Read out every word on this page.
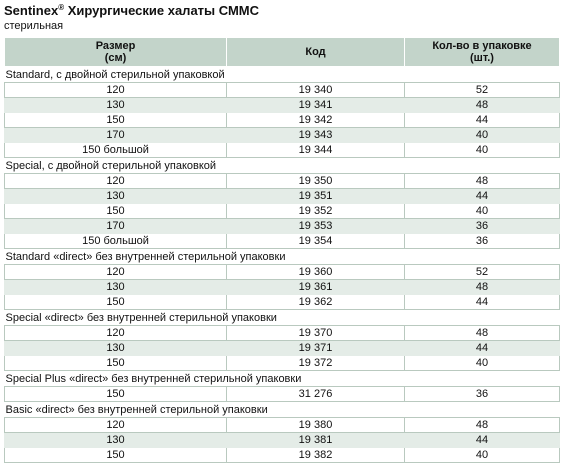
Sentinex® Хирургические халаты СММС
стерильная
Размер
(см)	Код	Кол-во в упаковке
(шт.)
Standard, с двойной стерильной упаковкой		
120	19 340	52
130	19 341	48
150	19 342	44
170	19 343	40
150 большой	19 344	40
Special, с двойной стерильной упаковкой		
120	19 350	48
130	19 351	44
150	19 352	40
170	19 353	36
150 большой	19 354	36
Standard «direct» без внутренней стерильной упаковки		
120	19 360	52
130	19 361	48
150	19 362	44
Special «direct» без внутренней стерильной упаковки		
120	19 370	48
130	19 371	44
150	19 372	40
Special Plus «direct» без внутренней стерильной упаковки		
150	31 276	36
Basic «direct» без внутренней стерильной упаковки		
120	19 380	48
130	19 381	44
150	19 382	40
